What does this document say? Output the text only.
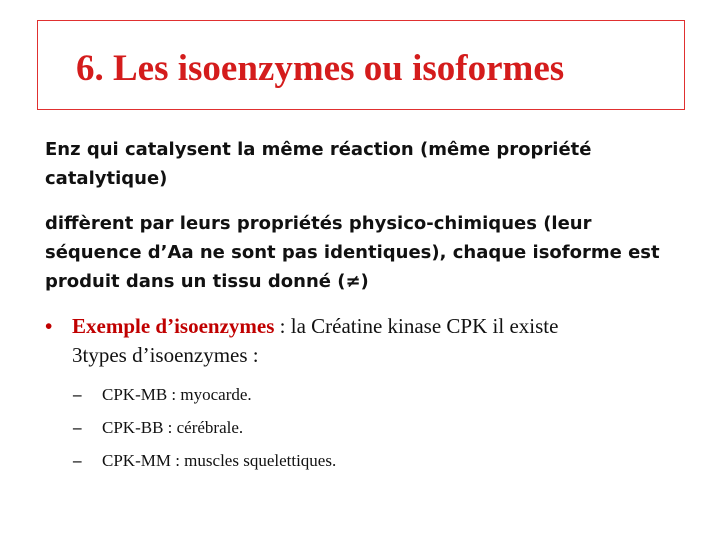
6. Les isoenzymes ou isoformes

Enz qui catalysent la même réaction (même propriété
catalytique)

diffèrent par leurs propriétés physico-chimiques (leur
séquence d’Aa ne sont pas identiques), chaque isoforme est
produit dans un tissu donné (≠)

• Exemple d’isoenzymes : la Créatine kinase CPK il existe
3types d’isoenzymes :
– CPK-MB : myocarde.
– CPK-BB : cérébrale.
– CPK-MM : muscles squelettiques.
